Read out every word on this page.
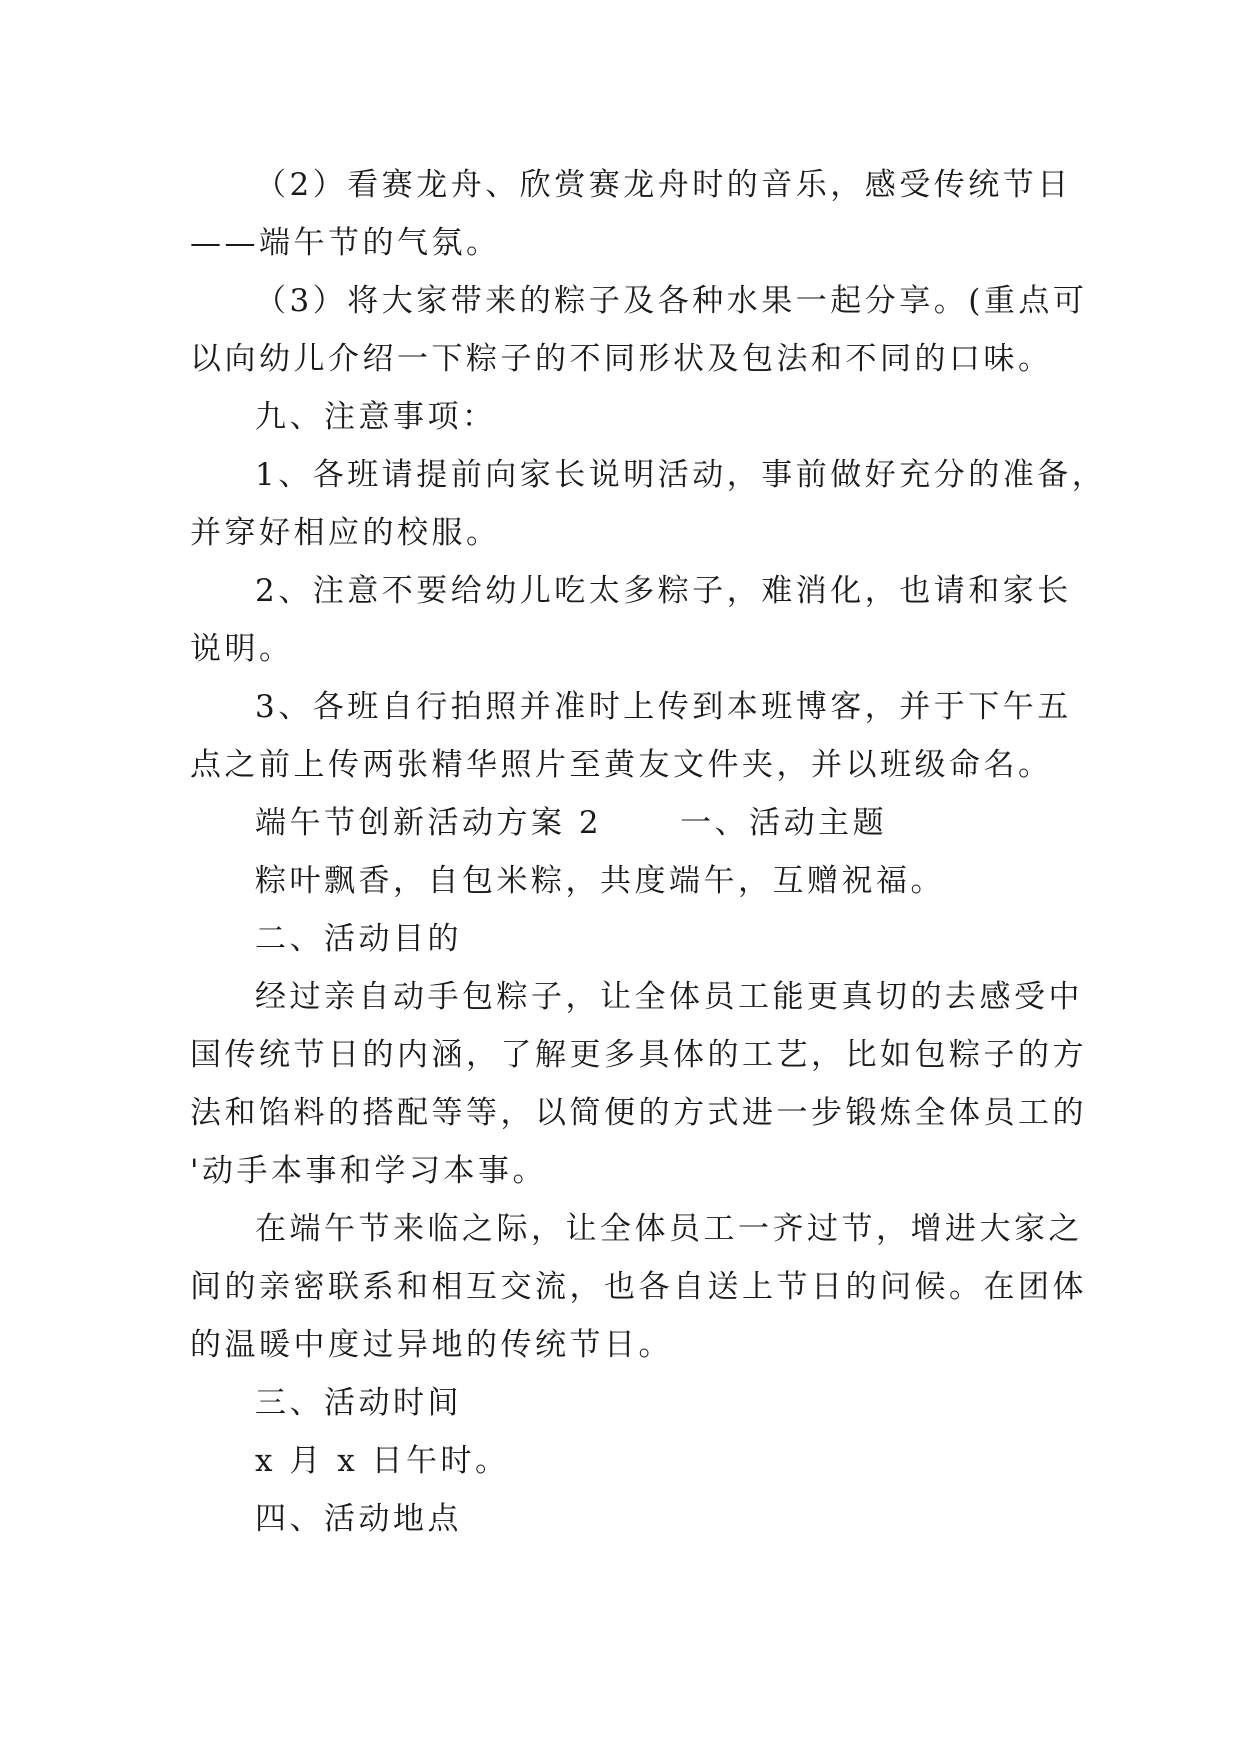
（2）看赛龙舟、欣赏赛龙舟时的音乐，感受传统节日
——端午节的气氛。
（3）将大家带来的粽子及各种水果一起分享。(重点可
以向幼儿介绍一下粽子的不同形状及包法和不同的口味。
九、注意事项：
1、各班请提前向家长说明活动，事前做好充分的准备，
并穿好相应的校服。
2、注意不要给幼儿吃太多粽子，难消化，也请和家长
说明。
3、各班自行拍照并准时上传到本班博客，并于下午五
点之前上传两张精华照片至黄友文件夹，并以班级命名。
端午节创新活动方案 2	一、活动主题
粽叶飘香，自包米粽，共度端午，互赠祝福。
二、活动目的
经过亲自动手包粽子，让全体员工能更真切的去感受中
国传统节日的内涵，了解更多具体的工艺，比如包粽子的方
法和馅料的搭配等等，以简便的方式进一步锻炼全体员工的
'动手本事和学习本事。
在端午节来临之际，让全体员工一齐过节，增进大家之
间的亲密联系和相互交流，也各自送上节日的问候。在团体
的温暖中度过异地的传统节日。
三、活动时间
x 月 x 日午时。
四、活动地点
